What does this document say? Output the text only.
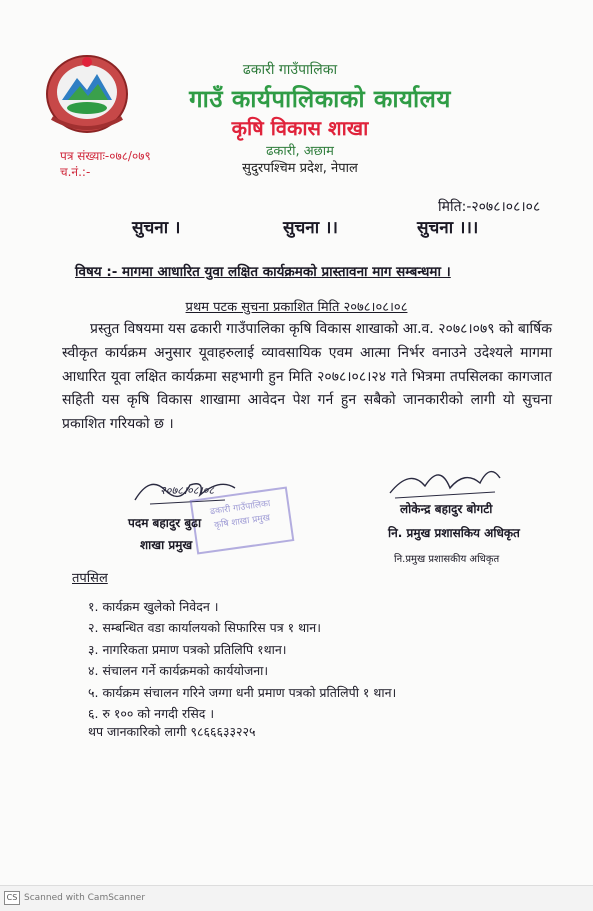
ढकारी गाउँपालिका
गाउँ कार्यपालिकाको कार्यालय
कृषि विकास शाखा
ढकारी, अछाम
सुदुरपश्चिम प्रदेश, नेपाल
पत्र संख्याः-०७८/०७९
च.नं.:-
मिति:-२०७८।०८।०८
सुचना ।	सुचना ।।	सुचना ।।।
विषय :- मागमा आधारित युवा लक्षित कार्यक्रमको प्रास्तावना माग सम्बन्धमा ।
प्रथम पटक सुचना प्रकाशित मिति २०७८।०८।०८
प्रस्तुत विषयमा यस ढकारी गाउँपालिका कृषि विकास शाखाको आ.व. २०७८।०७९ को बार्षिक स्वीकृत कार्यक्रम अनुसार यूवाहरुलाई व्यावसायिक एवम आत्मा निर्भर वनाउने उदेश्यले मागमा आधारित यूवा लक्षित कार्यक्रमा सहभागी हुन मिति २०७८।०८।२४ गते भित्रमा तपसिलका कागजात सहिती यस कृषि विकास शाखामा आवेदन पेश गर्न हुन सबैको जानकारीको लागी यो सुचना प्रकाशित गरियको छ ।
२०७८।०८।०८
ढकारी गाउँपालिका
कृषि शाखा प्रमुख
पदम बहादुर बुढा
शाखा प्रमुख
लोकेन्द्र बहादुर बोगटी
नि. प्रमुख प्रशासकिय अधिकृत
नि.प्रमुख प्रशासकीय अधिकृत
तपसिल
१. कार्यक्रम खुलेको निवेदन ।
२. सम्बन्धित वडा कार्यालयको सिफारिस पत्र १ थान।
३. नागरिकता प्रमाण पत्रको प्रतिलिपि १थान।
४. संचालन गर्ने कार्यक्रमको कार्ययोजना।
५. कार्यक्रम संचालन गरिने जग्गा धनी प्रमाण पत्रको प्रतिलिपी १ थान।
६. रु १०० को नगदी रसिद ।
थप जानकारिको लागी ९८६६६३३२२५
CS Scanned with CamScanner
